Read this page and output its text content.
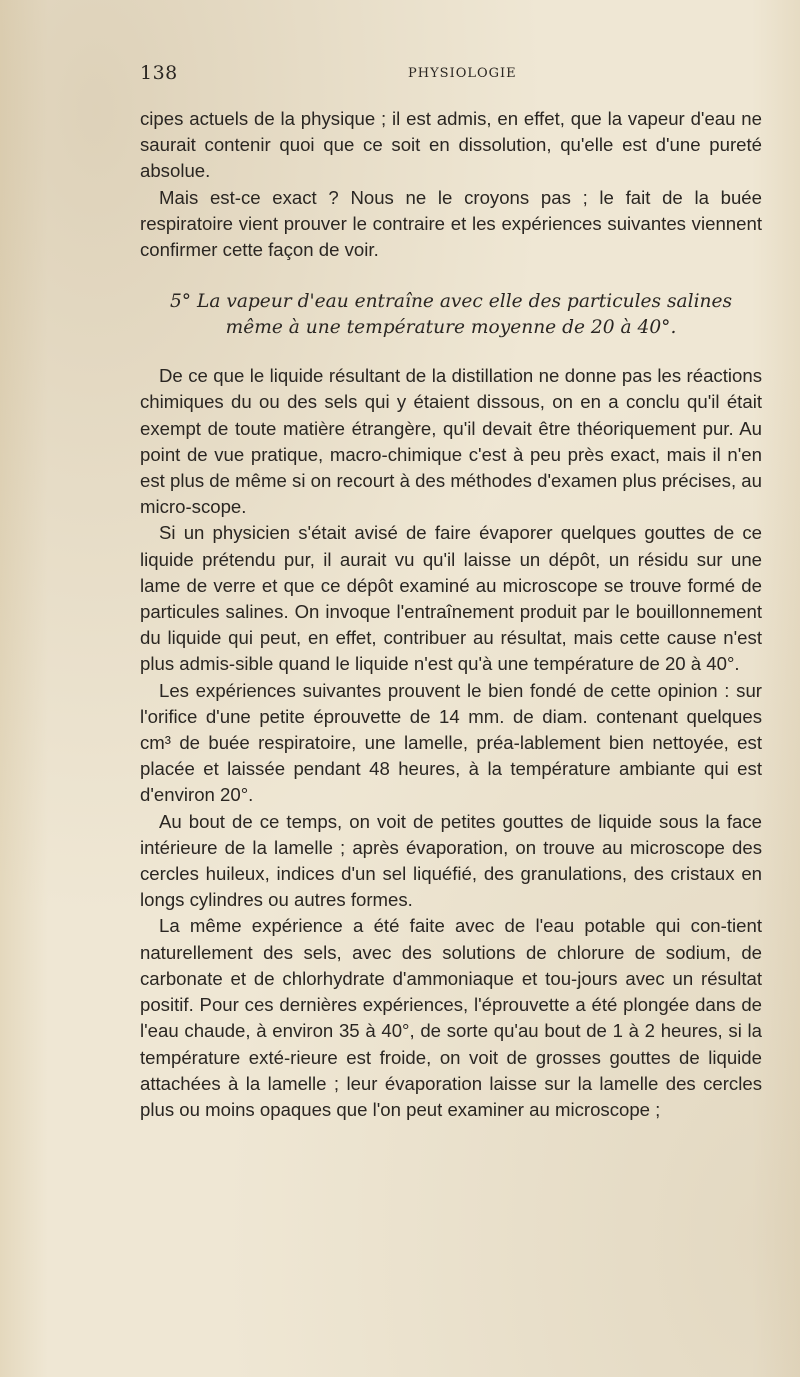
138	PHYSIOLOGIE

cipes actuels de la physique ; il est admis, en effet, que la vapeur d'eau ne saurait contenir quoi que ce soit en dissolution, qu'elle est d'une pureté absolue.

Mais est-ce exact ? Nous ne le croyons pas ; le fait de la buée respiratoire vient prouver le contraire et les expériences suivantes viennent confirmer cette façon de voir.

5° La vapeur d'eau entraîne avec elle des particules salines
même à une température moyenne de 20 à 40°.

De ce que le liquide résultant de la distillation ne donne pas les réactions chimiques du ou des sels qui y étaient dissous, on en a conclu qu'il était exempt de toute matière étrangère, qu'il devait être théoriquement pur. Au point de vue pratique, macro-chimique c'est à peu près exact, mais il n'en est plus de même si on recourt à des méthodes d'examen plus précises, au micro-scope.

Si un physicien s'était avisé de faire évaporer quelques gouttes de ce liquide prétendu pur, il aurait vu qu'il laisse un dépôt, un résidu sur une lame de verre et que ce dépôt examiné au microscope se trouve formé de particules salines. On invoque l'entraînement produit par le bouillonnement du liquide qui peut, en effet, contribuer au résultat, mais cette cause n'est plus admis-sible quand le liquide n'est qu'à une température de 20 à 40°.

Les expériences suivantes prouvent le bien fondé de cette opinion : sur l'orifice d'une petite éprouvette de 14 mm. de diam. contenant quelques cm³ de buée respiratoire, une lamelle, préa-lablement bien nettoyée, est placée et laissée pendant 48 heures, à la température ambiante qui est d'environ 20°.

Au bout de ce temps, on voit de petites gouttes de liquide sous la face intérieure de la lamelle ; après évaporation, on trouve au microscope des cercles huileux, indices d'un sel liquéfié, des granulations, des cristaux en longs cylindres ou autres formes.

La même expérience a été faite avec de l'eau potable qui con-tient naturellement des sels, avec des solutions de chlorure de sodium, de carbonate et de chlorhydrate d'ammoniaque et tou-jours avec un résultat positif. Pour ces dernières expériences, l'éprouvette a été plongée dans de l'eau chaude, à environ 35 à 40°, de sorte qu'au bout de 1 à 2 heures, si la température exté-rieure est froide, on voit de grosses gouttes de liquide attachées à la lamelle ; leur évaporation laisse sur la lamelle des cercles plus ou moins opaques que l'on peut examiner au microscope ;
